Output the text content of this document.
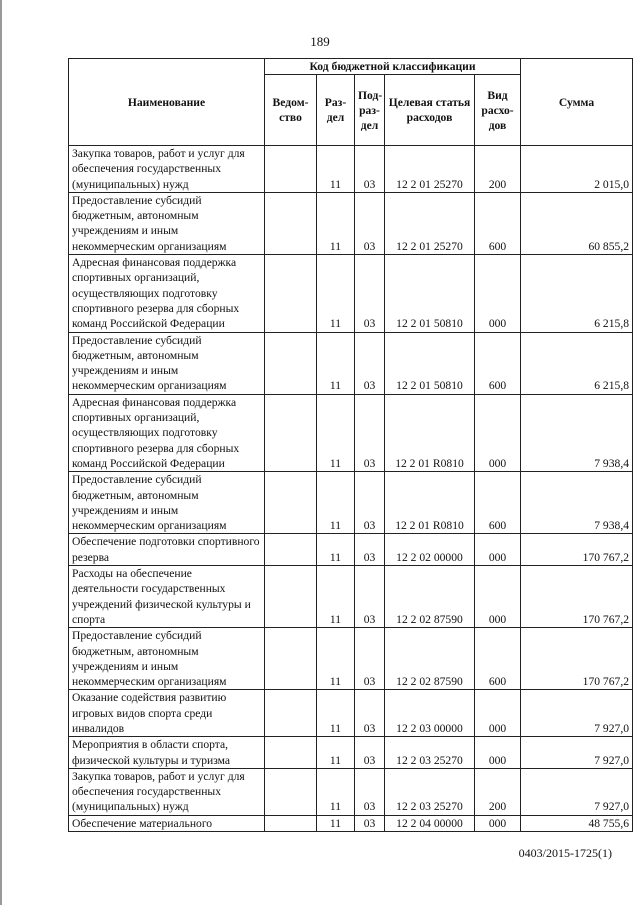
189
Наименование	Код бюджетной классификации					Сумма
	Ведом-ство	Раз-дел	Под-раз-дел	Целевая статья расходов	Вид расхо-дов	
Закупка товаров, работ и услуг для обеспечения государственных (муниципальных) нужд		11	03	12 2 01 25270	200	2 015,0
Предоставление субсидий бюджетным, автономным учреждениям и иным некоммерческим организациям		11	03	12 2 01 25270	600	60 855,2
Адресная финансовая поддержка спортивных организаций, осуществляющих подготовку спортивного резерва для сборных команд Российской Федерации		11	03	12 2 01 50810	000	6 215,8
Предоставление субсидий бюджетным, автономным учреждениям и иным некоммерческим организациям		11	03	12 2 01 50810	600	6 215,8
Адресная финансовая поддержка спортивных организаций, осуществляющих подготовку спортивного резерва для сборных команд Российской Федерации		11	03	12 2 01 R0810	000	7 938,4
Предоставление субсидий бюджетным, автономным учреждениям и иным некоммерческим организациям		11	03	12 2 01 R0810	600	7 938,4
Обеспечение подготовки спортивного резерва		11	03	12 2 02 00000	000	170 767,2
Расходы на обеспечение деятельности государственных учреждений физической культуры и спорта		11	03	12 2 02 87590	000	170 767,2
Предоставление субсидий бюджетным, автономным учреждениям и иным некоммерческим организациям		11	03	12 2 02 87590	600	170 767,2
Оказание содействия развитию игровых видов спорта среди инвалидов		11	03	12 2 03 00000	000	7 927,0
Мероприятия в области спорта, физической культуры и туризма		11	03	12 2 03 25270	000	7 927,0
Закупка товаров, работ и услуг для обеспечения государственных (муниципальных) нужд		11	03	12 2 03 25270	200	7 927,0
Обеспечение материального		11	03	12 2 04 00000	000	48 755,6
0403/2015-1725(1)
